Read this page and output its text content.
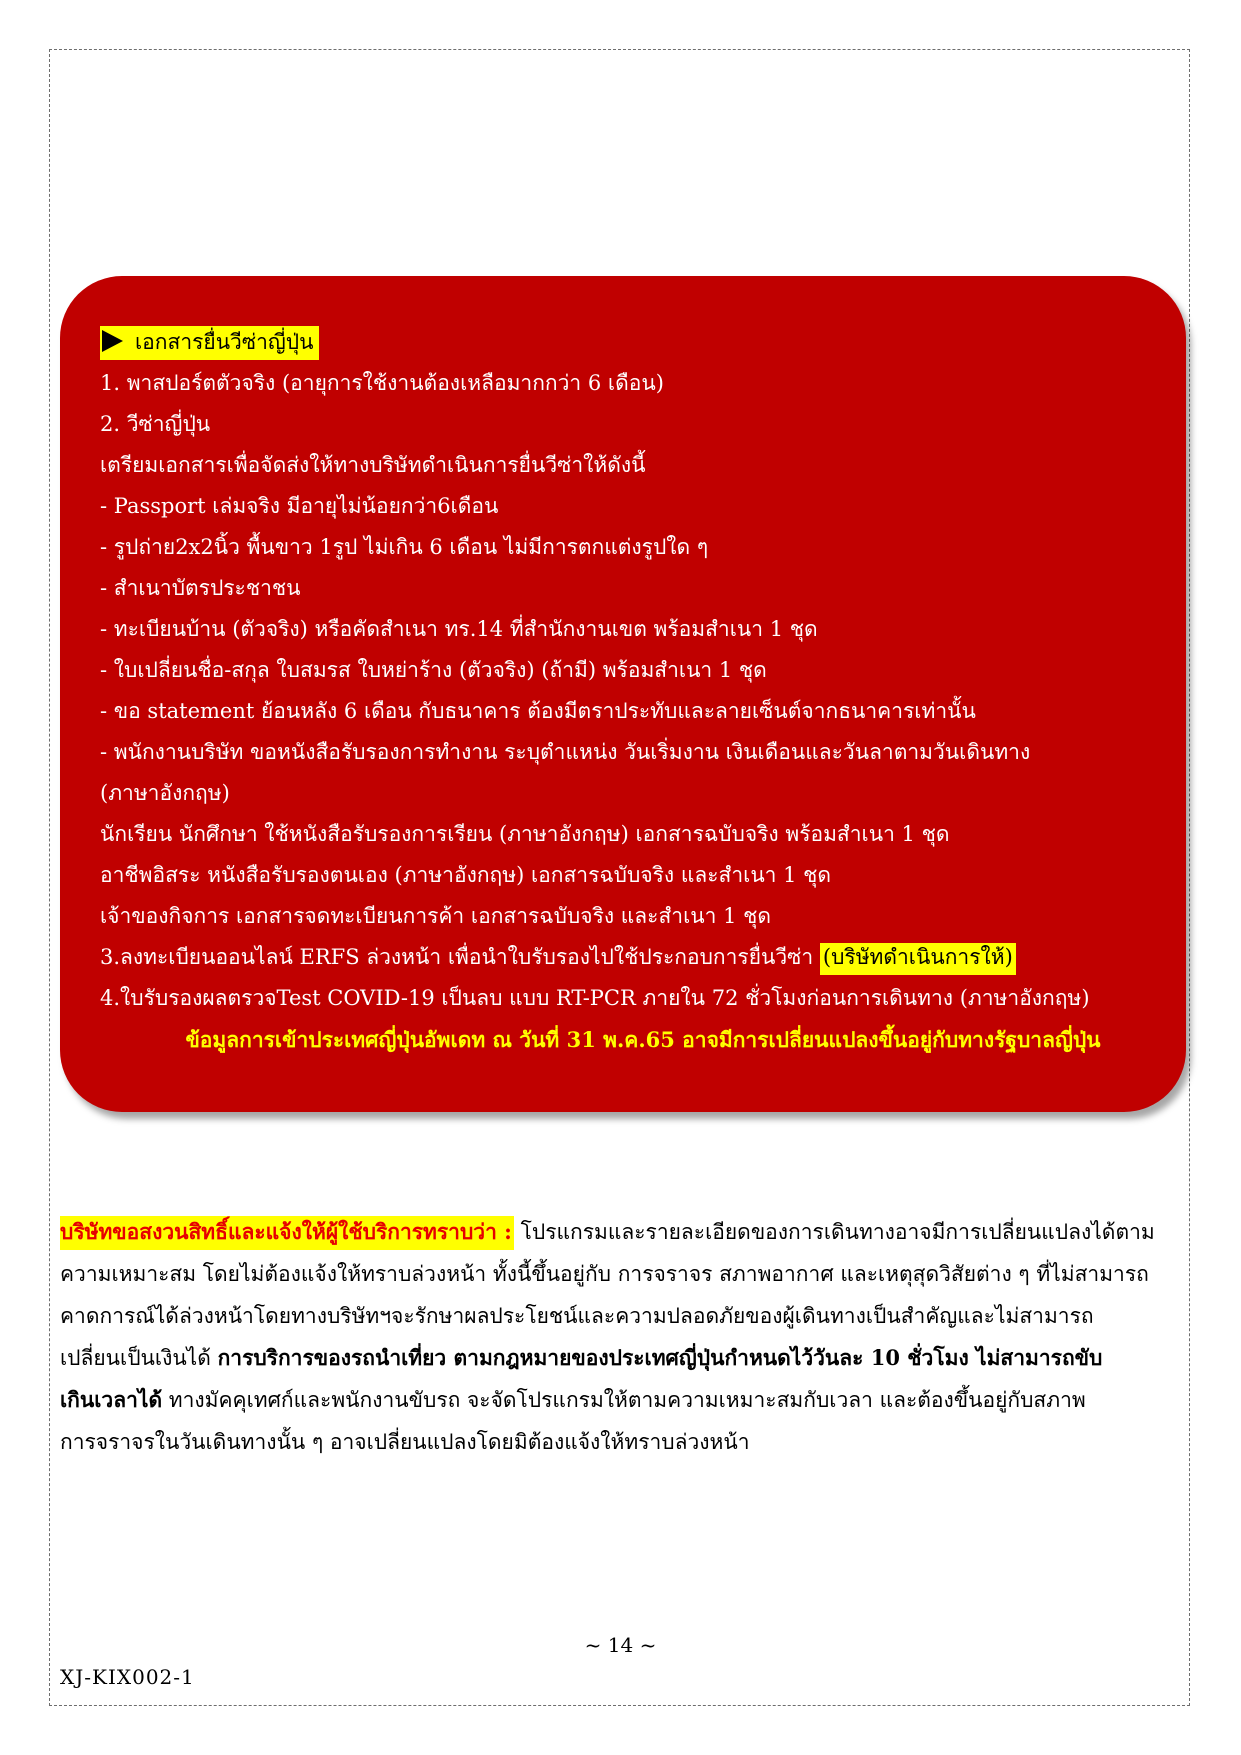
เอกสารยื่นวีซ่าญี่ปุ่น
1. พาสปอร์ตตัวจริง (อายุการใช้งานต้องเหลือมากกว่า 6 เดือน)
2. วีซ่าญี่ปุ่น
เตรียมเอกสารเพื่อจัดส่งให้ทางบริษัทดำเนินการยื่นวีซ่าให้ดังนี้
- Passport เล่มจริง มีอายุไม่น้อยกว่า6เดือน
- รูปถ่าย2x2นิ้ว พื้นขาว 1รูป ไม่เกิน 6 เดือน ไม่มีการตกแต่งรูปใด ๆ
- สำเนาบัตรประชาชน
- ทะเบียนบ้าน (ตัวจริง) หรือคัดสำเนา ทร.14 ที่สำนักงานเขต พร้อมสำเนา 1 ชุด
- ใบเปลี่ยนชื่อ-สกุล ใบสมรส ใบหย่าร้าง (ตัวจริง) (ถ้ามี) พร้อมสำเนา 1 ชุด
- ขอ statement ย้อนหลัง 6 เดือน กับธนาคาร ต้องมีตราประทับและลายเซ็นต์จากธนาคารเท่านั้น
- พนักงานบริษัท ขอหนังสือรับรองการทำงาน ระบุตำแหน่ง วันเริ่มงาน เงินเดือนและวันลาตามวันเดินทาง
(ภาษาอังกฤษ)
นักเรียน นักศึกษา ใช้หนังสือรับรองการเรียน (ภาษาอังกฤษ) เอกสารฉบับจริง พร้อมสำเนา 1 ชุด
อาชีพอิสระ หนังสือรับรองตนเอง (ภาษาอังกฤษ) เอกสารฉบับจริง และสำเนา 1 ชุด
เจ้าของกิจการ เอกสารจดทะเบียนการค้า เอกสารฉบับจริง และสำเนา 1 ชุด
3.ลงทะเบียนออนไลน์ ERFS ล่วงหน้า เพื่อนำใบรับรองไปใช้ประกอบการยื่นวีซ่า (บริษัทดำเนินการให้)
4.ใบรับรองผลตรวจTest COVID-19 เป็นลบ แบบ RT-PCR ภายใน 72 ชั่วโมงก่อนการเดินทาง (ภาษาอังกฤษ)
ข้อมูลการเข้าประเทศญี่ปุ่นอัพเดท ณ วันที่ 31 พ.ค.65 อาจมีการเปลี่ยนแปลงขึ้นอยู่กับทางรัฐบาลญี่ปุ่น
บริษัทขอสงวนสิทธิ์และแจ้งให้ผู้ใช้บริการทราบว่า : โปรแกรมและรายละเอียดของการเดินทางอาจมีการเปลี่ยนแปลงได้ตาม
ความเหมาะสม โดยไม่ต้องแจ้งให้ทราบล่วงหน้า ทั้งนี้ขึ้นอยู่กับ การจราจร สภาพอากาศ และเหตุสุดวิสัยต่าง ๆ ที่ไม่สามารถ
คาดการณ์ได้ล่วงหน้าโดยทางบริษัทฯจะรักษาผลประโยชน์และความปลอดภัยของผู้เดินทางเป็นสำคัญและไม่สามารถ
เปลี่ยนเป็นเงินได้ การบริการของรถนำเที่ยว ตามกฎหมายของประเทศญี่ปุ่นกำหนดไว้วันละ 10 ชั่วโมง ไม่สามารถขับ
เกินเวลาได้ ทางมัคคุเทศก์และพนักงานขับรถ จะจัดโปรแกรมให้ตามความเหมาะสมกับเวลา และต้องขึ้นอยู่กับสภาพ
การจราจรในวันเดินทางนั้น ๆ อาจเปลี่ยนแปลงโดยมิต้องแจ้งให้ทราบล่วงหน้า
~ 14 ~
XJ-KIX002-1
